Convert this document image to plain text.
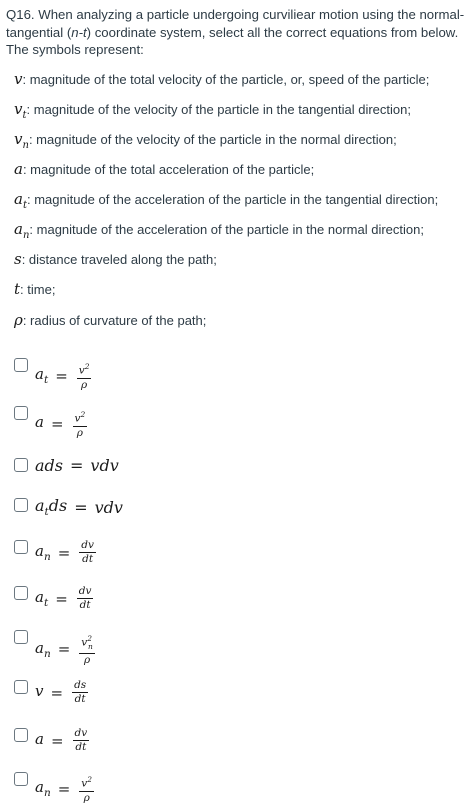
Q16. When analyzing a particle undergoing curviliear motion using the normal-tangential (n-t) coordinate system, select all the correct equations from below. The symbols represent:
v: magnitude of the total velocity of the particle, or, speed of the particle;
$v_t$: magnitude of the velocity of the particle in the tangential direction;
$v_n$: magnitude of the velocity of the particle in the normal direction;
a: magnitude of the total acceleration of the particle;
$a_t$: magnitude of the acceleration of the particle in the tangential direction;
$a_n$: magnitude of the acceleration of the particle in the normal direction;
s: distance traveled along the path;
t: time;
ρ: radius of curvature of the path;
$a_t = \frac{v^2}{\rho}$
$a = \frac{v^2}{\rho}$
ads = vdv
$a_tds$ = vdv
$a_n = \frac{dv}{dt}$
$a_t = \frac{dv}{dt}$
$a_n = \frac{v^2_n}{\rho}$
$v = \frac{ds}{dt}$
$a = \frac{dv}{dt}$
$a_n = \frac{v^2}{\rho}$
